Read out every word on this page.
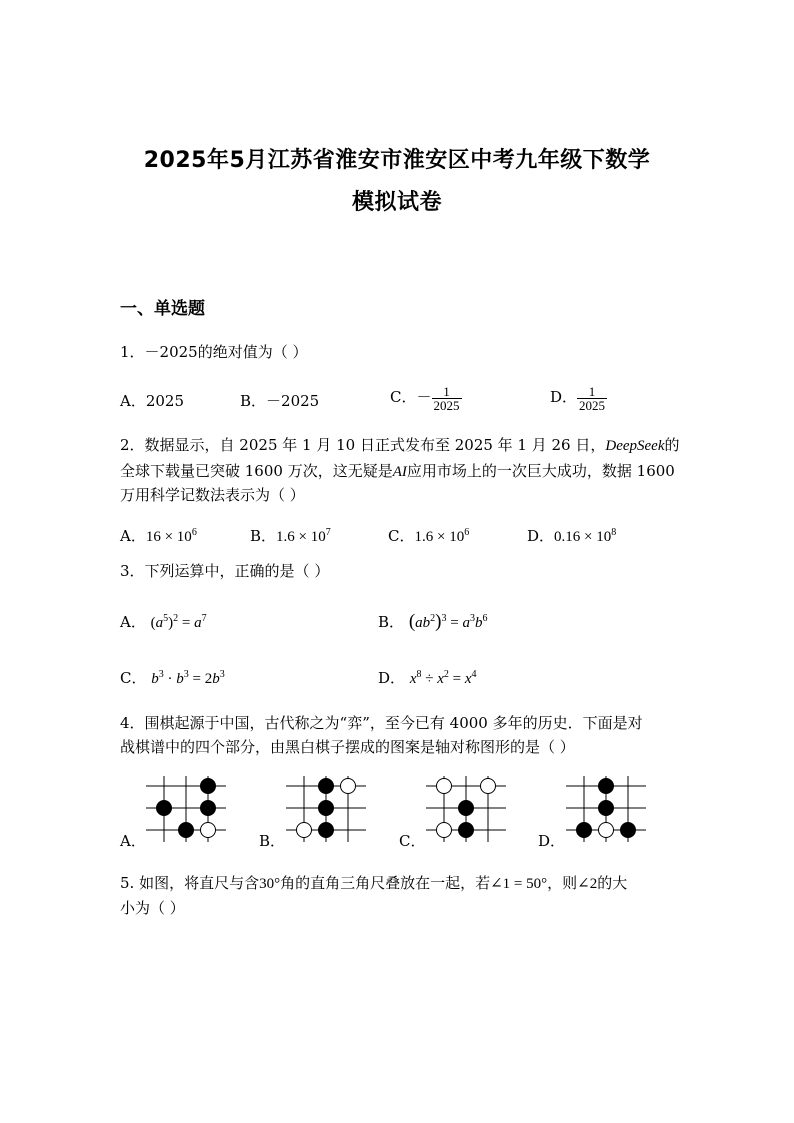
2025年5月江苏省淮安市淮安区中考九年级下数学
模拟试卷
一、单选题
1．－2025的绝对值为（ ）
A．2025	B．－2025	C．－ $\frac{1}{2025}$	D． $\frac{1}{2025}$
2．数据显示，自 2025 年 1 月 10 日正式发布至 2025 年 1 月 26 日，DeepSeek的
全球下载量已突破 1600 万次，这无疑是AI应用市场上的一次巨大成功，数据 1600
万用科学记数法表示为（ ）
A．$16 \times 10^6$	B．$1.6 \times 10^7$	C．$1.6 \times 10^6$	D．$0.16 \times 10^8$
3．下列运算中，正确的是（ ）
A． $(a^5)^2 = a^7$	B． $(ab^2)^3 = a^3b^6$
C． $b^3 \cdot b^3 = 2b^3$	D． $x^8 \div x^2 = x^4$
4．围棋起源于中国，古代称之为“弈”，至今已有 4000 多年的历史．下面是对
战棋谱中的四个部分，由黑白棋子摆成的图案是轴对称图形的是（ ）
A．	B．	C．	D．
5. 如图，将直尺与含30°角的直角三角尺叠放在一起，若∠1 = 50°，则∠2的大
小为（ ）
